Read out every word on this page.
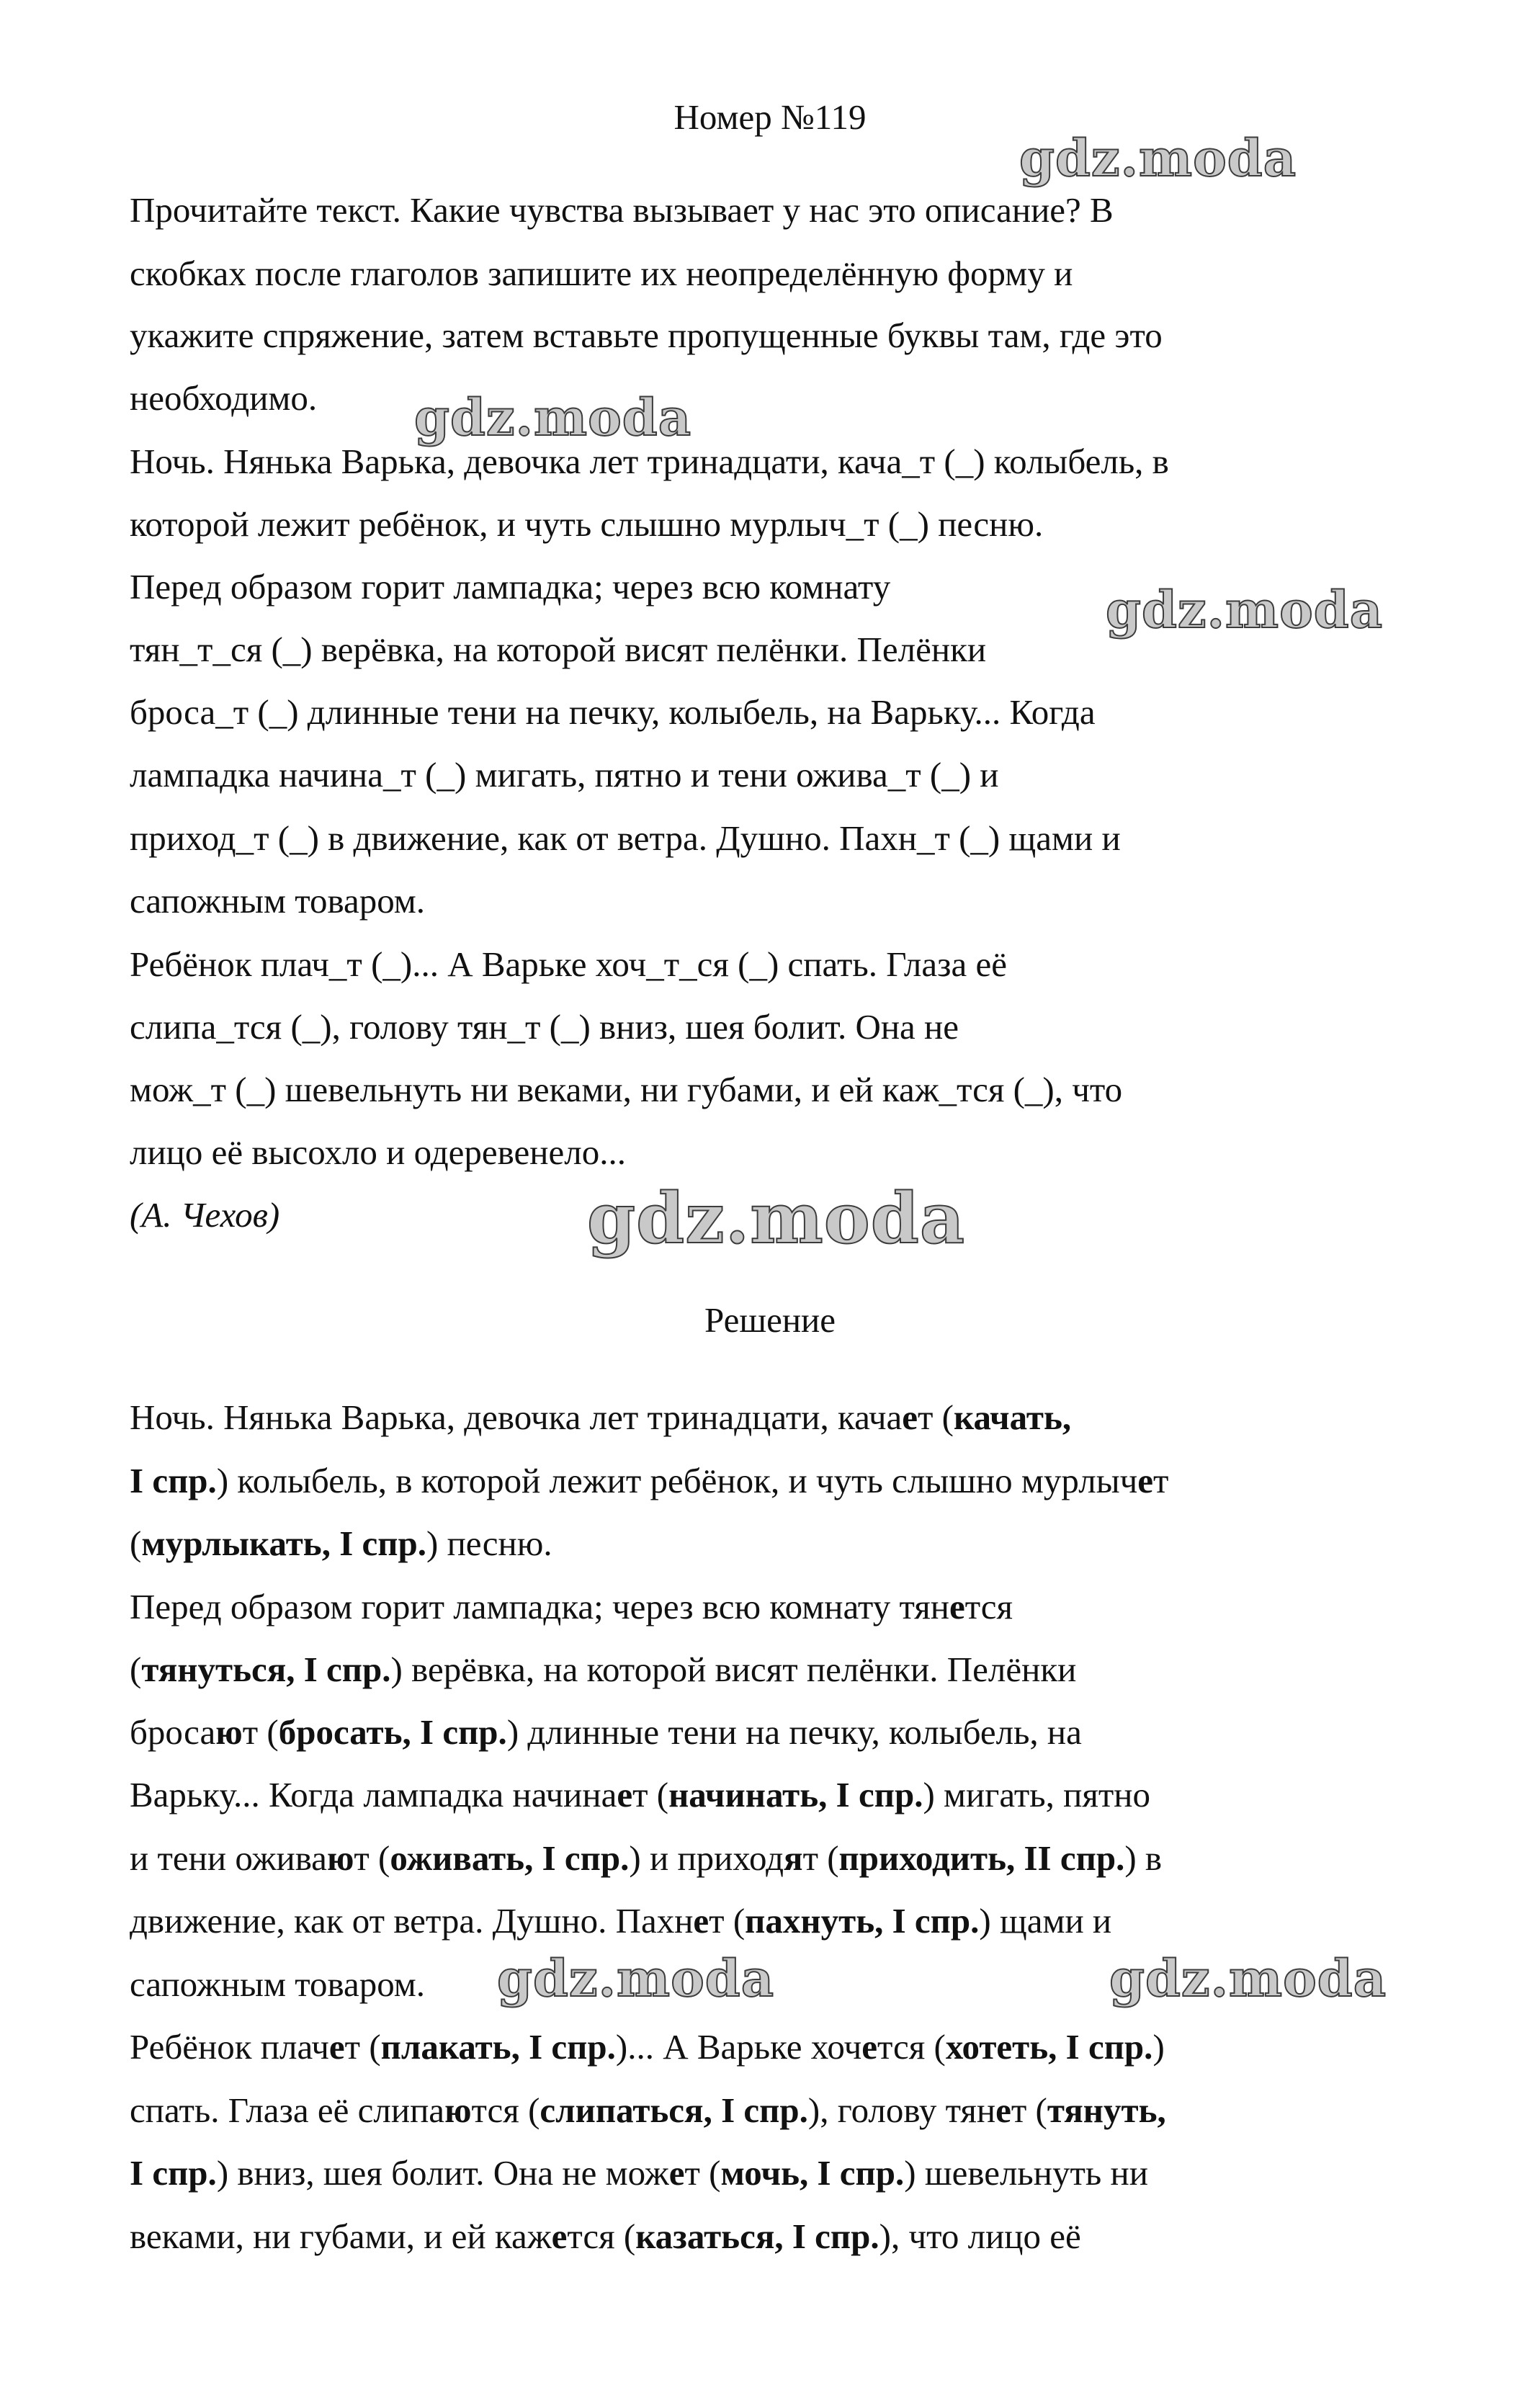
Номер №119

Прочитайте текст. Какие чувства вызывает у нас это описание? В

скобках после глаголов запишите их неопределённую форму и

укажите спряжение, затем вставьте пропущенные буквы там, где это

необходимо.

Ночь. Нянька Варька, девочка лет тринадцати, кача_т (_) колыбель, в

которой лежит ребёнок, и чуть слышно мурлыч_т (_) песню.

Перед образом горит лампадка; через всю комнату

тян_т_ся (_) верёвка, на которой висят пелёнки. Пелёнки

броса_т (_) длинные тени на печку, колыбель, на Варьку... Когда

лампадка начина_т (_) мигать, пятно и тени ожива_т (_) и

приход_т (_) в движение, как от ветра. Душно. Пахн_т (_) щами и

сапожным товаром.

Ребёнок плач_т (_)... А Варьке хоч_т_ся (_) спать. Глаза её

слипа_тся (_), голову тян_т (_) вниз, шея болит. Она не

мож_т (_) шевельнуть ни веками, ни губами, и ей каж_тся (_), что

лицо её высохло и одеревенело...

(А. Чехов)

Решение

Ночь. Нянька Варька, девочка лет тринадцати, качает (качать,

I спр.) колыбель, в которой лежит ребёнок, и чуть слышно мурлычет

(мурлыкать, I спр.) песню.

Перед образом горит лампадка; через всю комнату тянется

(тянуться, I спр.) верёвка, на которой висят пелёнки. Пелёнки

бросают (бросать, I спр.) длинные тени на печку, колыбель, на

Варьку... Когда лампадка начинает (начинать, I спр.) мигать, пятно

и тени оживают (оживать, I спр.) и приходят (приходить, II спр.) в

движение, как от ветра. Душно. Пахнет (пахнуть, I спр.) щами и

сапожным товаром.

Ребёнок плачет (плакать, I спр.)... А Варьке хочется (хотеть, I спр.)

спать. Глаза её слипаются (слипаться, I спр.), голову тянет (тянуть,

I спр.) вниз, шея болит. Она не может (мочь, I спр.) шевельнуть ни

веками, ни губами, и ей кажется (казаться, I спр.), что лицо её

gdz.moda
gdz.moda
gdz.moda
gdz.moda
gdz.moda	gdz.moda
